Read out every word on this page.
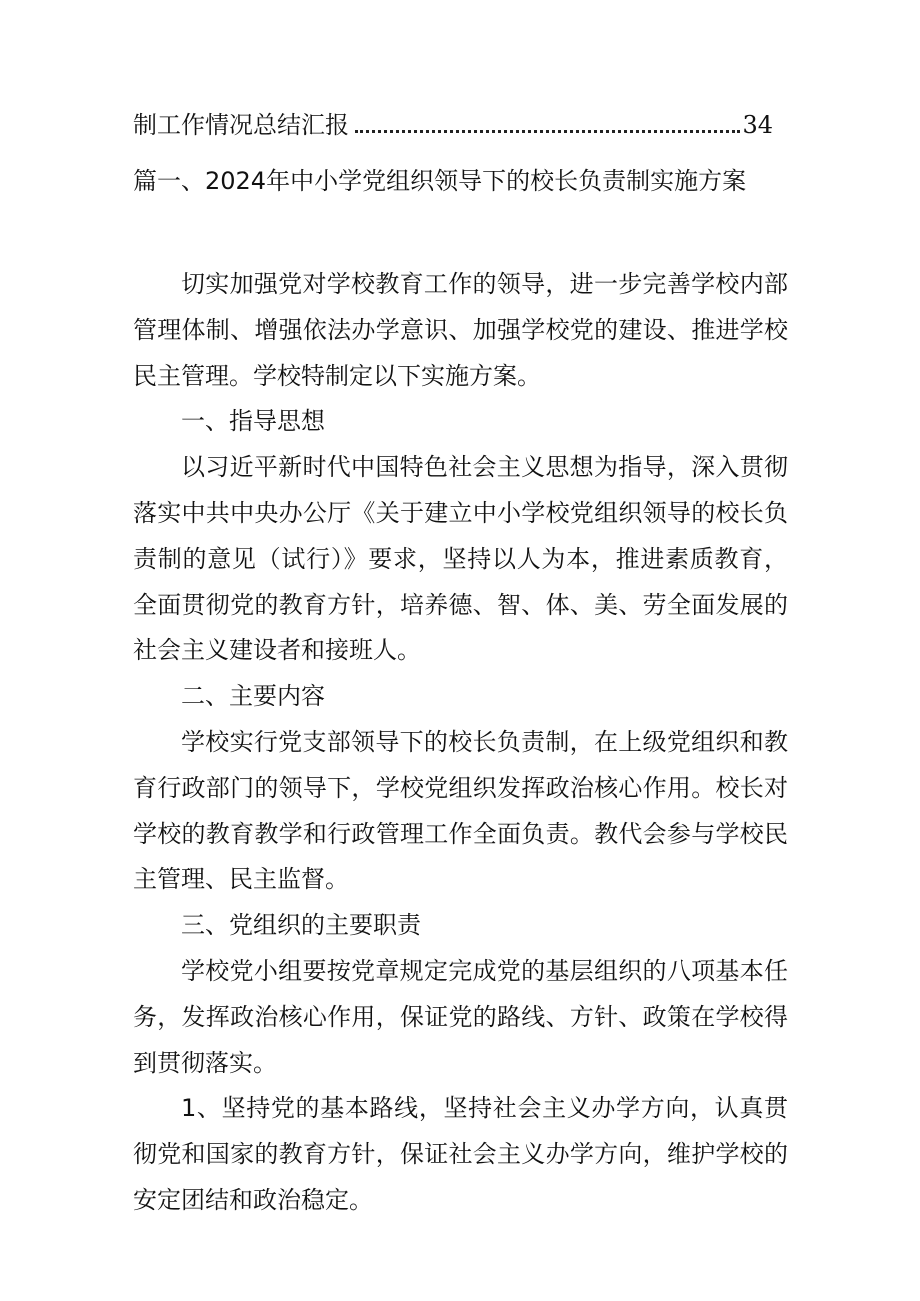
制工作情况总结汇报	34
篇一、2024年中小学党组织领导下的校长负责制实施方案

切实加强党对学校教育工作的领导，进一步完善学校内部管理体制、增强依法办学意识、加强学校党的建设、推进学校民主管理。学校特制定以下实施方案。

一、指导思想

以习近平新时代中国特色社会主义思想为指导，深入贯彻落实中共中央办公厅《关于建立中小学校党组织领导的校长负责制的意见（试行）》要求，坚持以人为本，推进素质教育，全面贯彻党的教育方针，培养德、智、体、美、劳全面发展的社会主义建设者和接班人。

二、主要内容

学校实行党支部领导下的校长负责制，在上级党组织和教育行政部门的领导下，学校党组织发挥政治核心作用。校长对学校的教育教学和行政管理工作全面负责。教代会参与学校民主管理、民主监督。

三、党组织的主要职责

学校党小组要按党章规定完成党的基层组织的八项基本任务，发挥政治核心作用，保证党的路线、方针、政策在学校得到贯彻落实。

1、坚持党的基本路线，坚持社会主义办学方向，认真贯彻党和国家的教育方针，保证社会主义办学方向，维护学校的安定团结和政治稳定。
